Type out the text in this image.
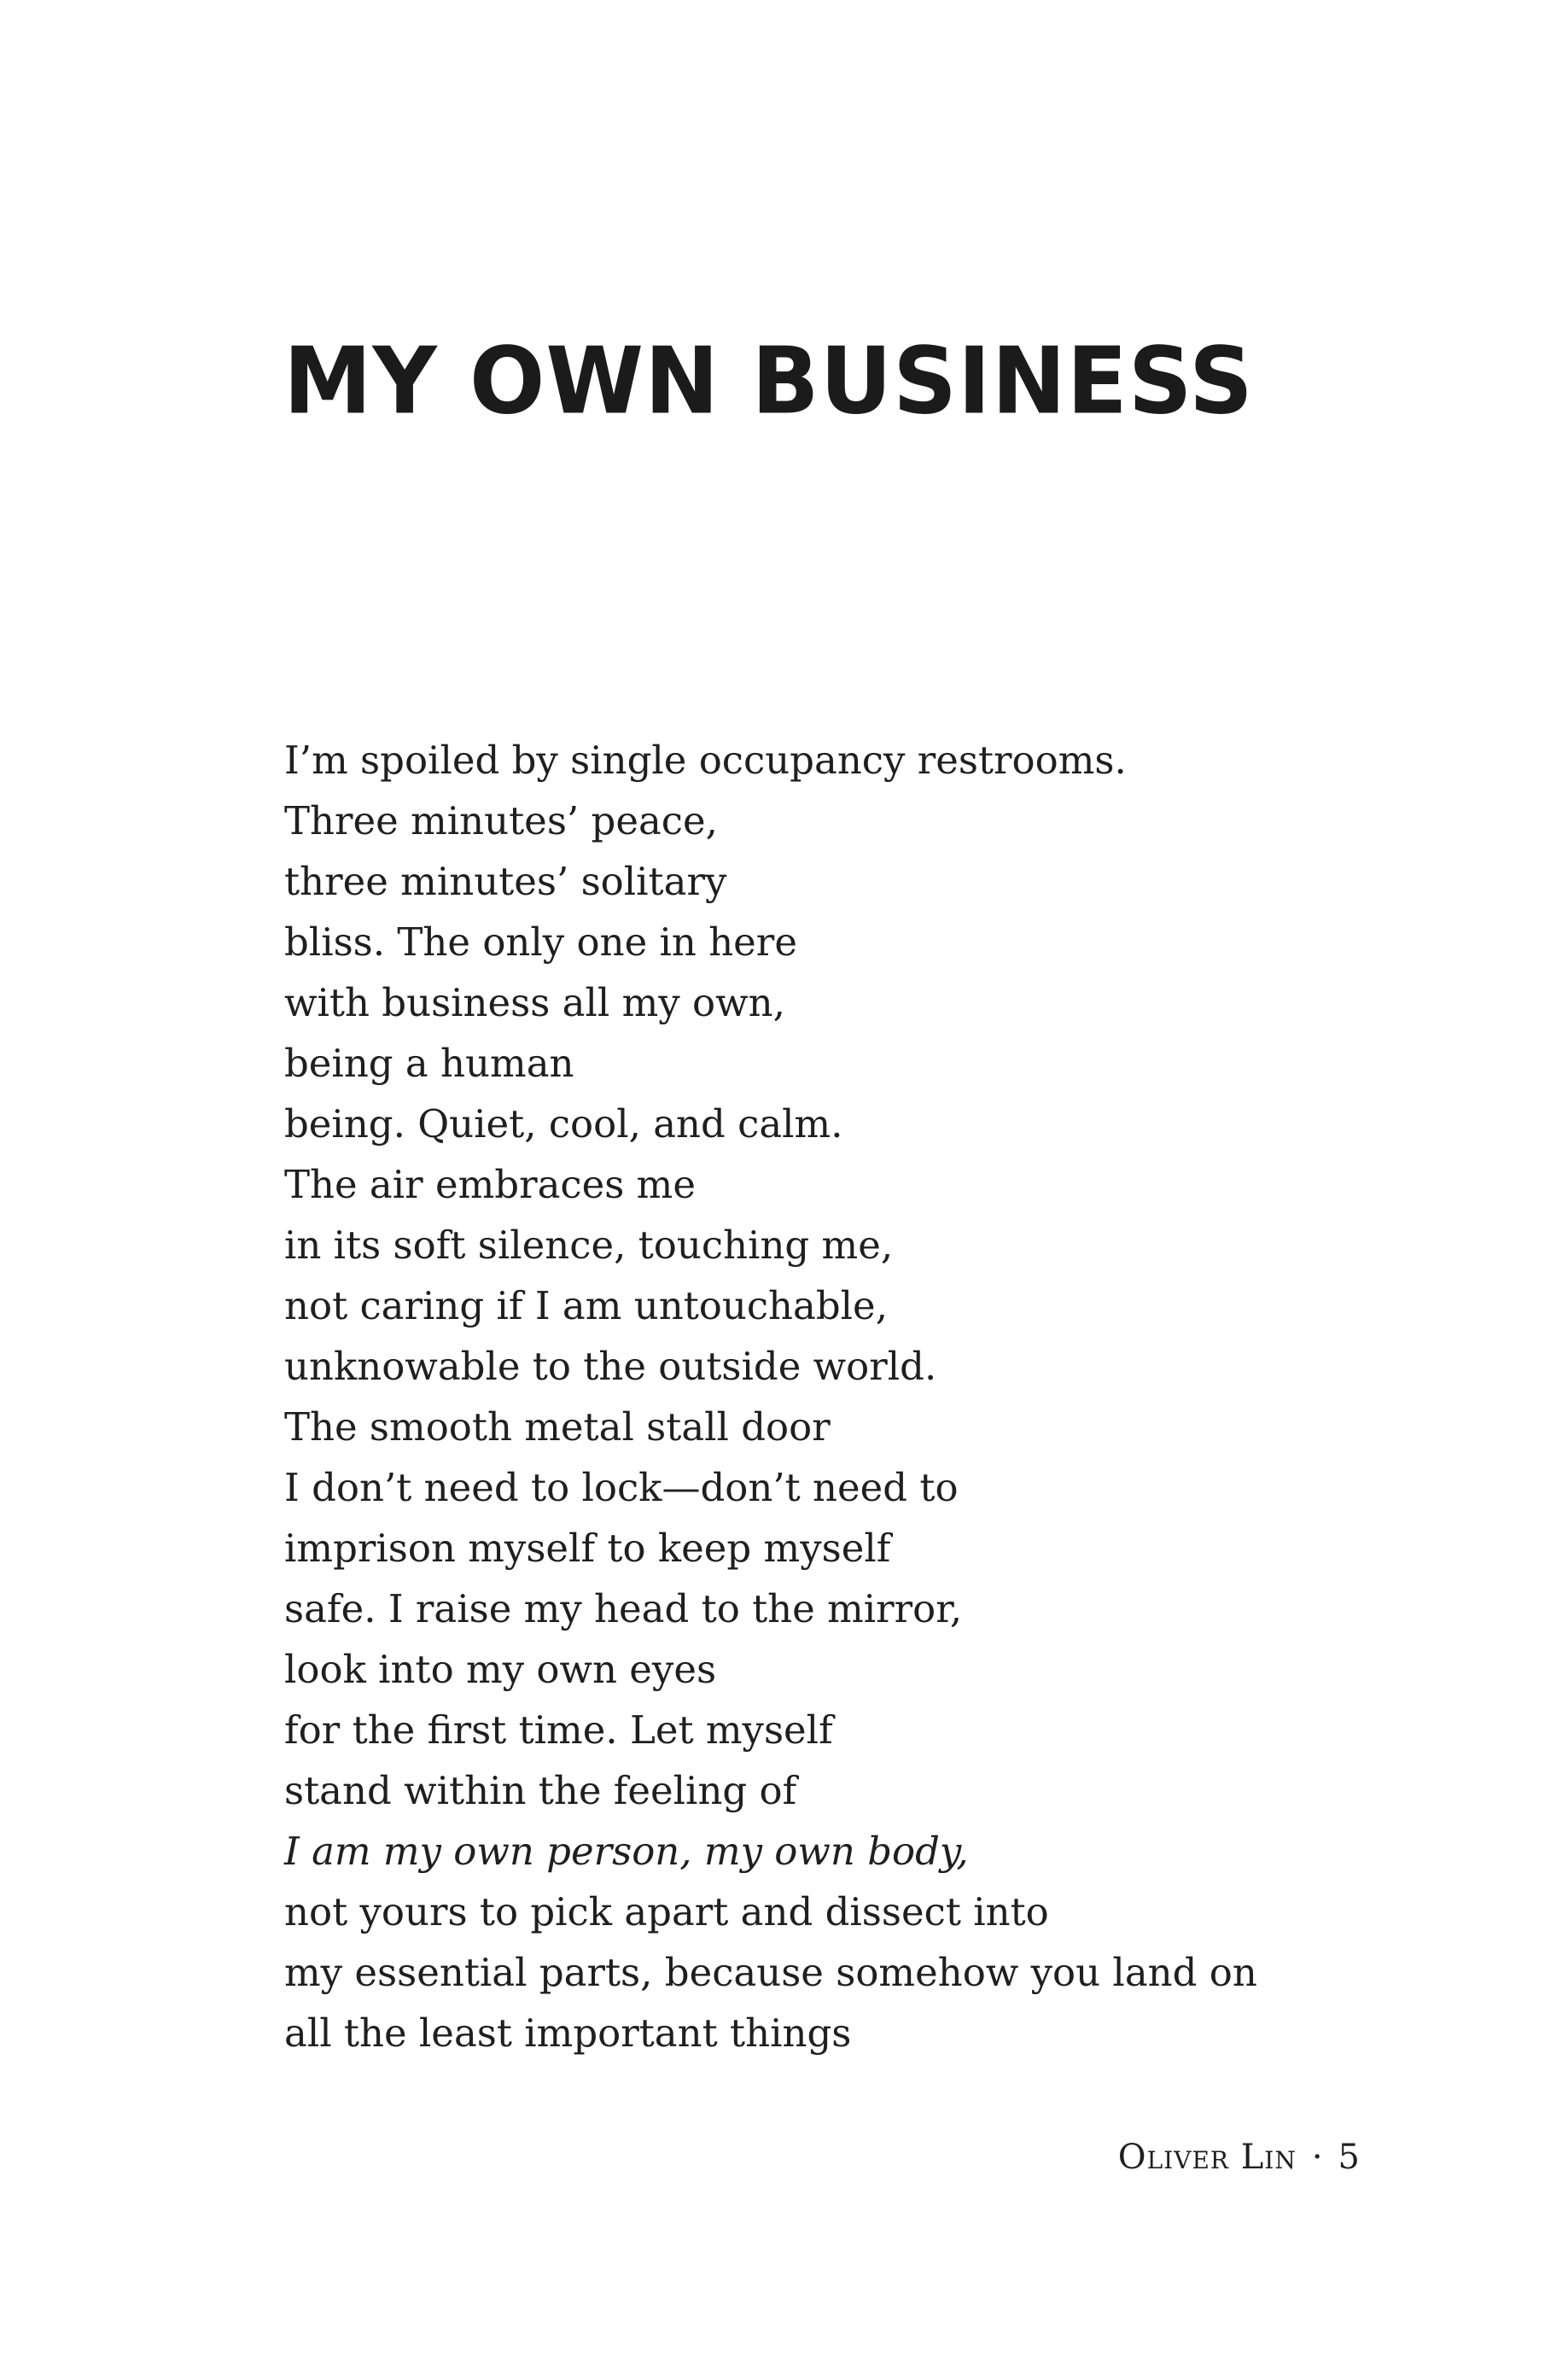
MY OWN BUSINESS
I’m spoiled by single occupancy restrooms.
Three minutes’ peace,
three minutes’ solitary
bliss. The only one in here
with business all my own,
being a human
being. Quiet, cool, and calm.
The air embraces me
in its soft silence, touching me,
not caring if I am untouchable,
unknowable to the outside world.
The smooth metal stall door
I don’t need to lock—don’t need to
imprison myself to keep myself
safe. I raise my head to the mirror,
look into my own eyes
for the first time. Let myself
stand within the feeling of
I am my own person, my own body,
not yours to pick apart and dissect into
my essential parts, because somehow you land on
all the least important things
Oliver Lin · 5
